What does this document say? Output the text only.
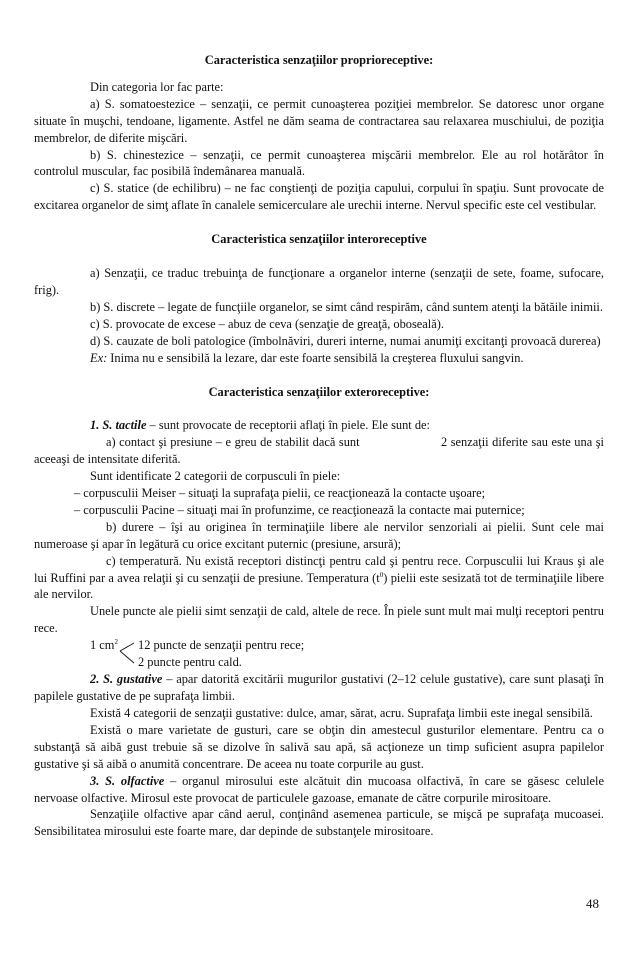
Caracteristica senzaţiilor proprioreceptive:

Din categoria lor fac parte:

a) S. somatoestezice – senzaţii, ce permit cunoaşterea poziţiei membrelor. Se datoresc unor organe situate în muşchi, tendoane, ligamente. Astfel ne dăm seama de contractarea sau relaxarea muschiului, de poziţia membrelor, de diferite mişcări.

b) S. chinestezice – senzaţii, ce permit cunoaşterea mişcării membrelor. Ele au rol hotărâtor în controlul muscular, fac posibilă îndemânarea manuală.

c) S. statice (de echilibru) – ne fac conştienţi de poziţia capului, corpului în spaţiu. Sunt provocate de excitarea organelor de simţ aflate în canalele semicerculare ale urechii interne. Nervul specific este cel vestibular.

Caracteristica senzaţiilor interoreceptive

a) Senzaţii, ce traduc trebuinţa de funcţionare a organelor interne (senzaţii de sete, foame, sufocare, frig).

b) S. discrete – legate de funcţiile organelor, se simt când respirăm, când suntem atenţi la bătăile inimii.

c) S. provocate de excese – abuz de ceva (senzaţie de greaţă, oboseală).

d) S. cauzate de boli patologice (îmbolnăviri, dureri interne, numai anumiţi excitanţi provoacă durerea)

Ex: Inima nu e sensibilă la lezare, dar este foarte sensibilă la creşterea fluxului sangvin.

Caracteristica senzaţiilor exteroreceptive:

1. S. tactile – sunt provocate de receptorii aflaţi în piele. Ele sunt de:

a) contact şi presiune – e greu de stabilit dacă sunt                       2 senzaţii diferite sau este una şi aceeaşi de intensitate diferită.

Sunt identificate 2 categorii de corpusculi în piele:

– corpusculii Meiser – situaţi la suprafaţa pielii, ce reacţionează la contacte uşoare;

– corpusculii Pacine – situaţi mai în profunzime, ce reacţionează la contacte mai puternice;

b) durere – îşi au originea în terminaţiile libere ale nervilor senzoriali ai pielii. Sunt cele mai numeroase şi apar în legătură cu orice excitant puternic (presiune, arsură);

c) temperatură. Nu există receptori distincţi pentru cald şi pentru rece. Corpusculii lui Kraus şi ale lui Ruffini par a avea relaţii şi cu senzaţii de presiune. Temperatura $(t^0)$ pielii este sesizată tot de terminaţiile libere ale nervilor.

Unele puncte ale pielii simt senzaţii de cald, altele de rece. În piele sunt mult mai mulţi receptori pentru rece.

1 $cm^2$ 12 puncte de senzaţii pentru rece;
2 puncte pentru cald.

2. S. gustative – apar datorită excitării mugurilor gustativi (2–12 celule gustative), care sunt plasaţi în papilele gustative de pe suprafaţa limbii.

Există 4 categorii de senzaţii gustative: dulce, amar, sărat, acru. Suprafaţa limbii este inegal sensibilă.

Există o mare varietate de gusturi, care se obţin din amestecul gusturilor elementare. Pentru ca o substanţă să aibă gust trebuie să se dizolve în salivă sau apă, să acţioneze un timp suficient asupra papilelor gustative şi să aibă o anumită concentrare. De aceea nu toate corpurile au gust.

3. S. olfactive – organul mirosului este alcătuit din mucoasa olfactivă, în care se găsesc celulele nervoase olfactive. Mirosul este provocat de particulele gazoase, emanate de către corpurile mirositoare.

Senzaţiile olfactive apar când aerul, conţinând asemenea particule, se mişcă pe suprafaţa mucoasei. Sensibilitatea mirosului este foarte mare, dar depinde de substanţele mirositoare.

48
